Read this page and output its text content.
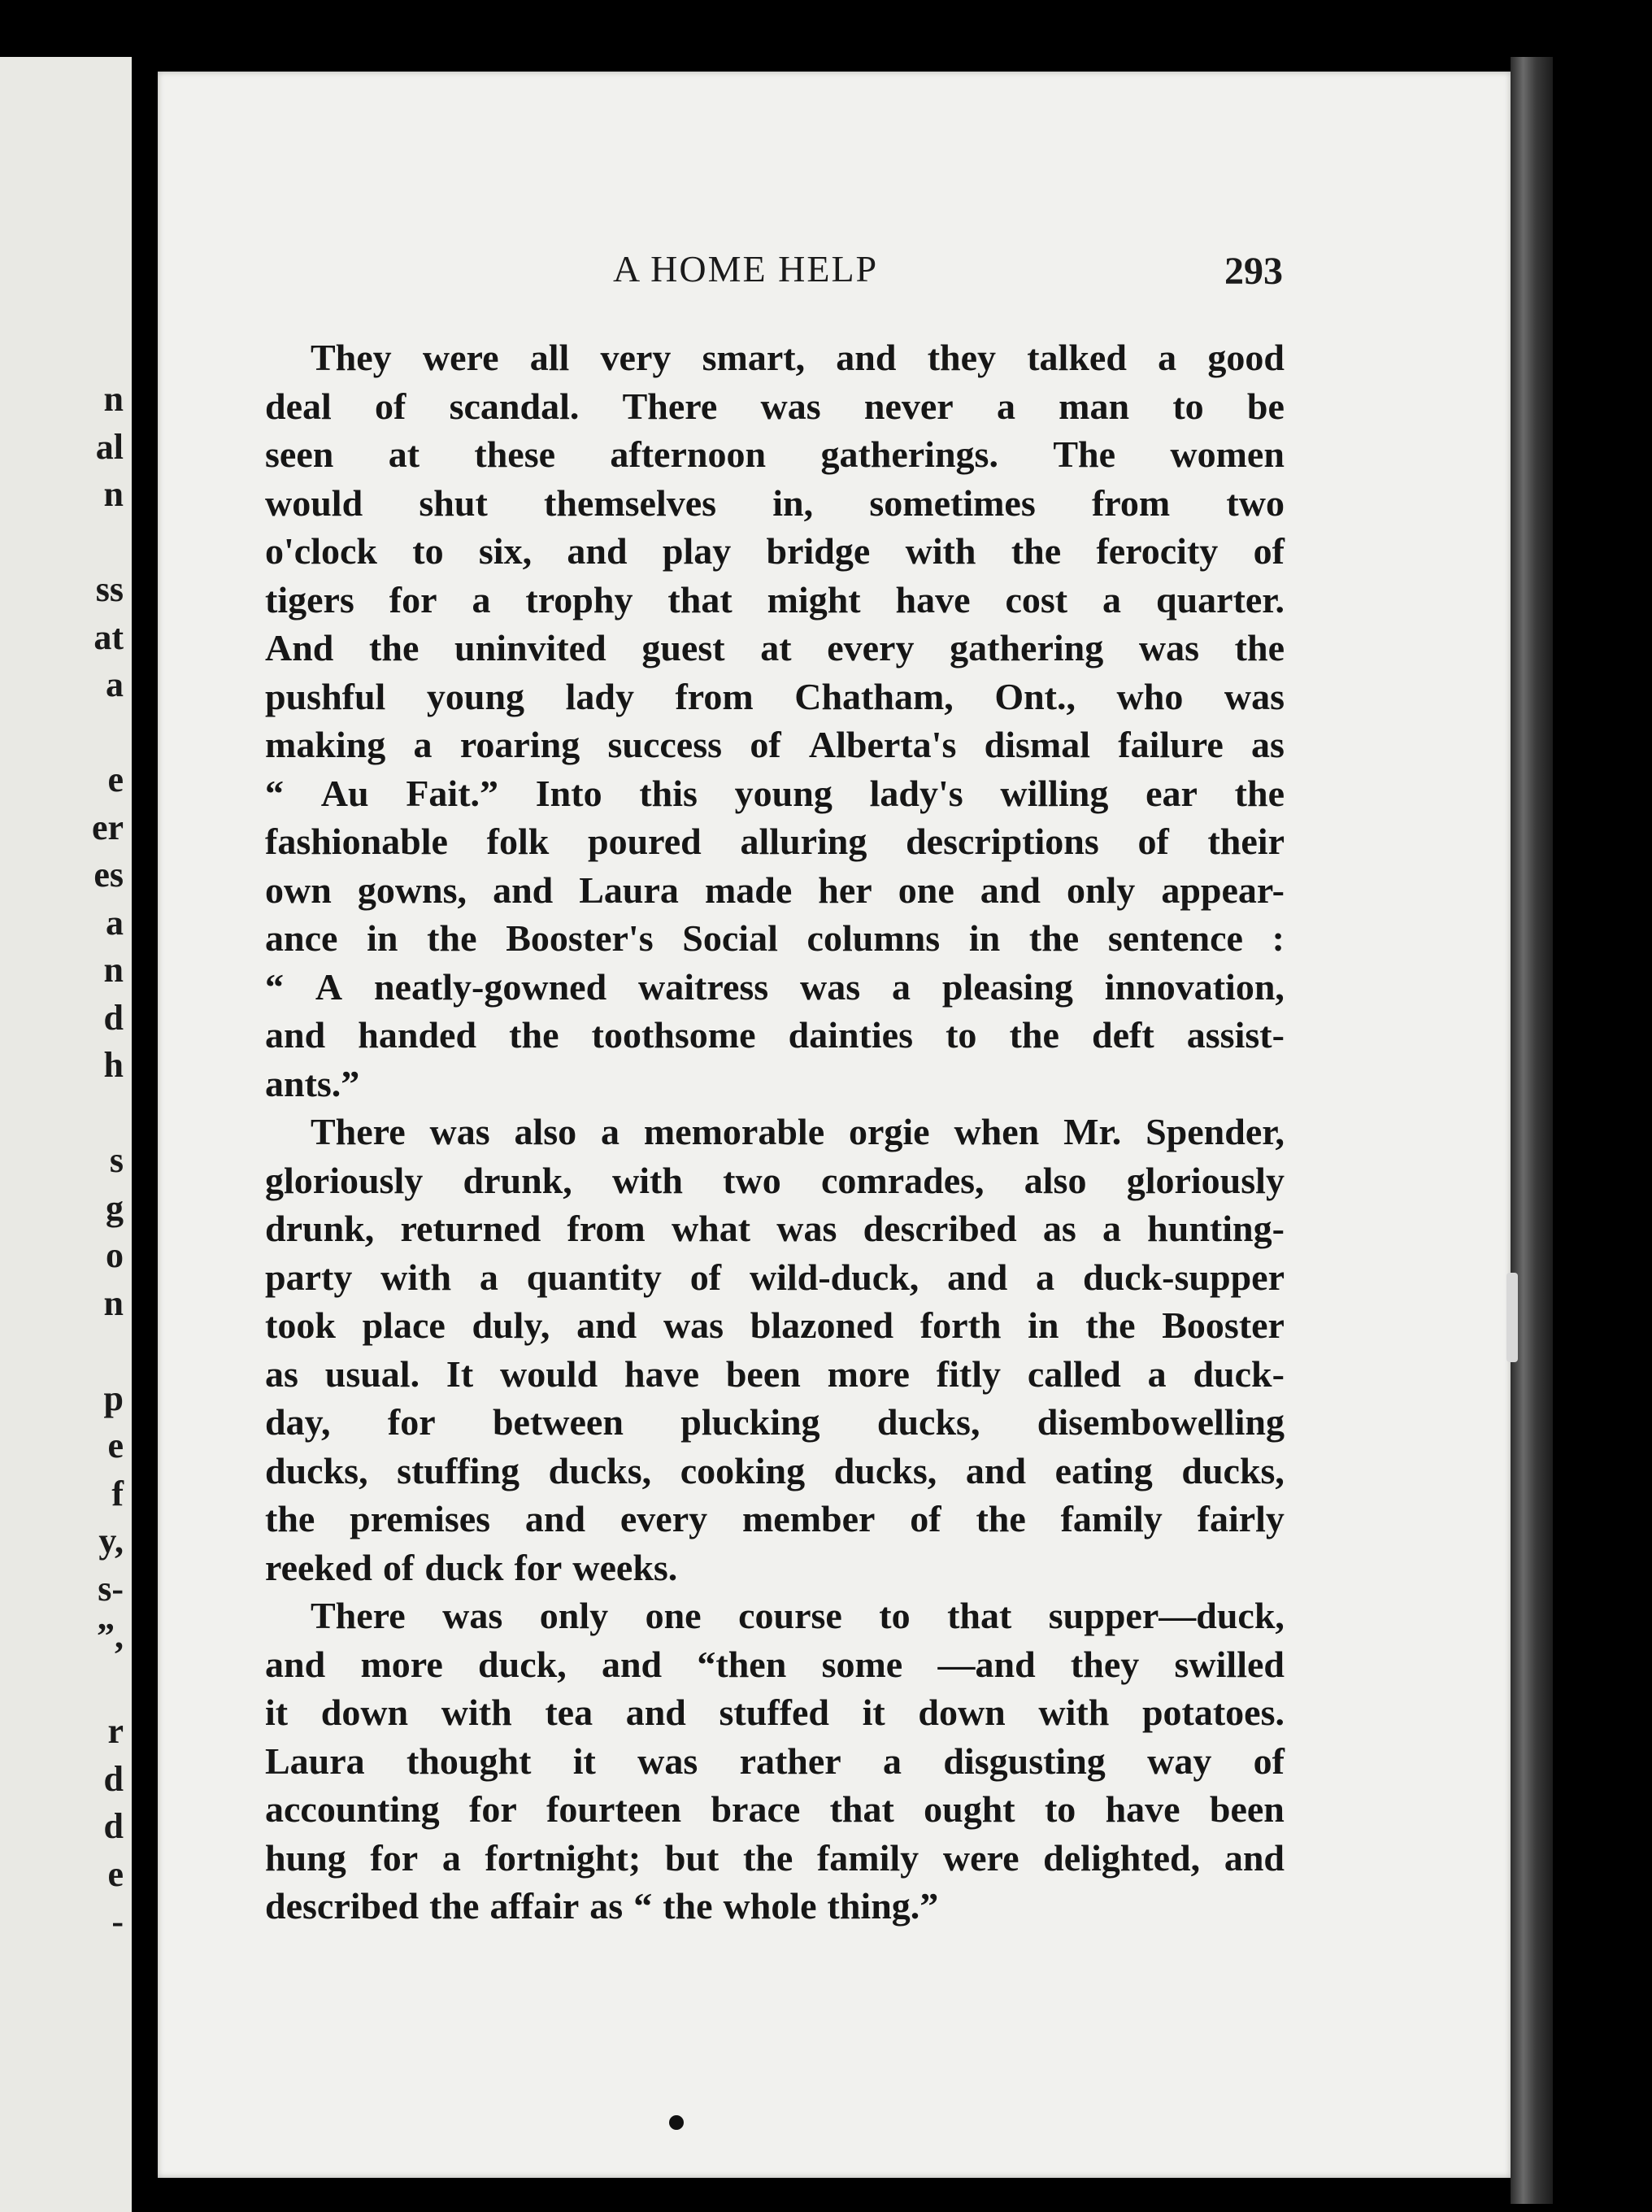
n
al
n
ss
at
a
e
er
es
a
n
d
h
s
g
o
n
p
e
f
y,
s-
”,
r
d
d
e
-
A HOME HELP	293
They were all very smart, and they talked a good
deal of scandal. There was never a man to be
seen at these afternoon gatherings. The women
would shut themselves in, sometimes from two
o'clock to six, and play bridge with the ferocity of
tigers for a trophy that might have cost a quarter.
And the uninvited guest at every gathering was the
pushful young lady from Chatham, Ont., who was
making a roaring success of Alberta's dismal failure as
“ Au Fait.” Into this young lady's willing ear the
fashionable folk poured alluring descriptions of their
own gowns, and Laura made her one and only appear-
ance in the Booster's Social columns in the sentence :
“ A neatly-gowned waitress was a pleasing innovation,
and handed the toothsome dainties to the deft assist-
ants.”
There was also a memorable orgie when Mr. Spender,
gloriously drunk, with two comrades, also gloriously
drunk, returned from what was described as a hunting-
party with a quantity of wild-duck, and a duck-supper
took place duly, and was blazoned forth in the Booster
as usual. It would have been more fitly called a duck-
day, for between plucking ducks, disembowelling
ducks, stuffing ducks, cooking ducks, and eating ducks,
the premises and every member of the family fairly
reeked of duck for weeks.
There was only one course to that supper—duck,
and more duck, and “then some —and they swilled
it down with tea and stuffed it down with potatoes.
Laura thought it was rather a disgusting way of
accounting for fourteen brace that ought to have been
hung for a fortnight; but the family were delighted, and
described the affair as “ the whole thing.”
